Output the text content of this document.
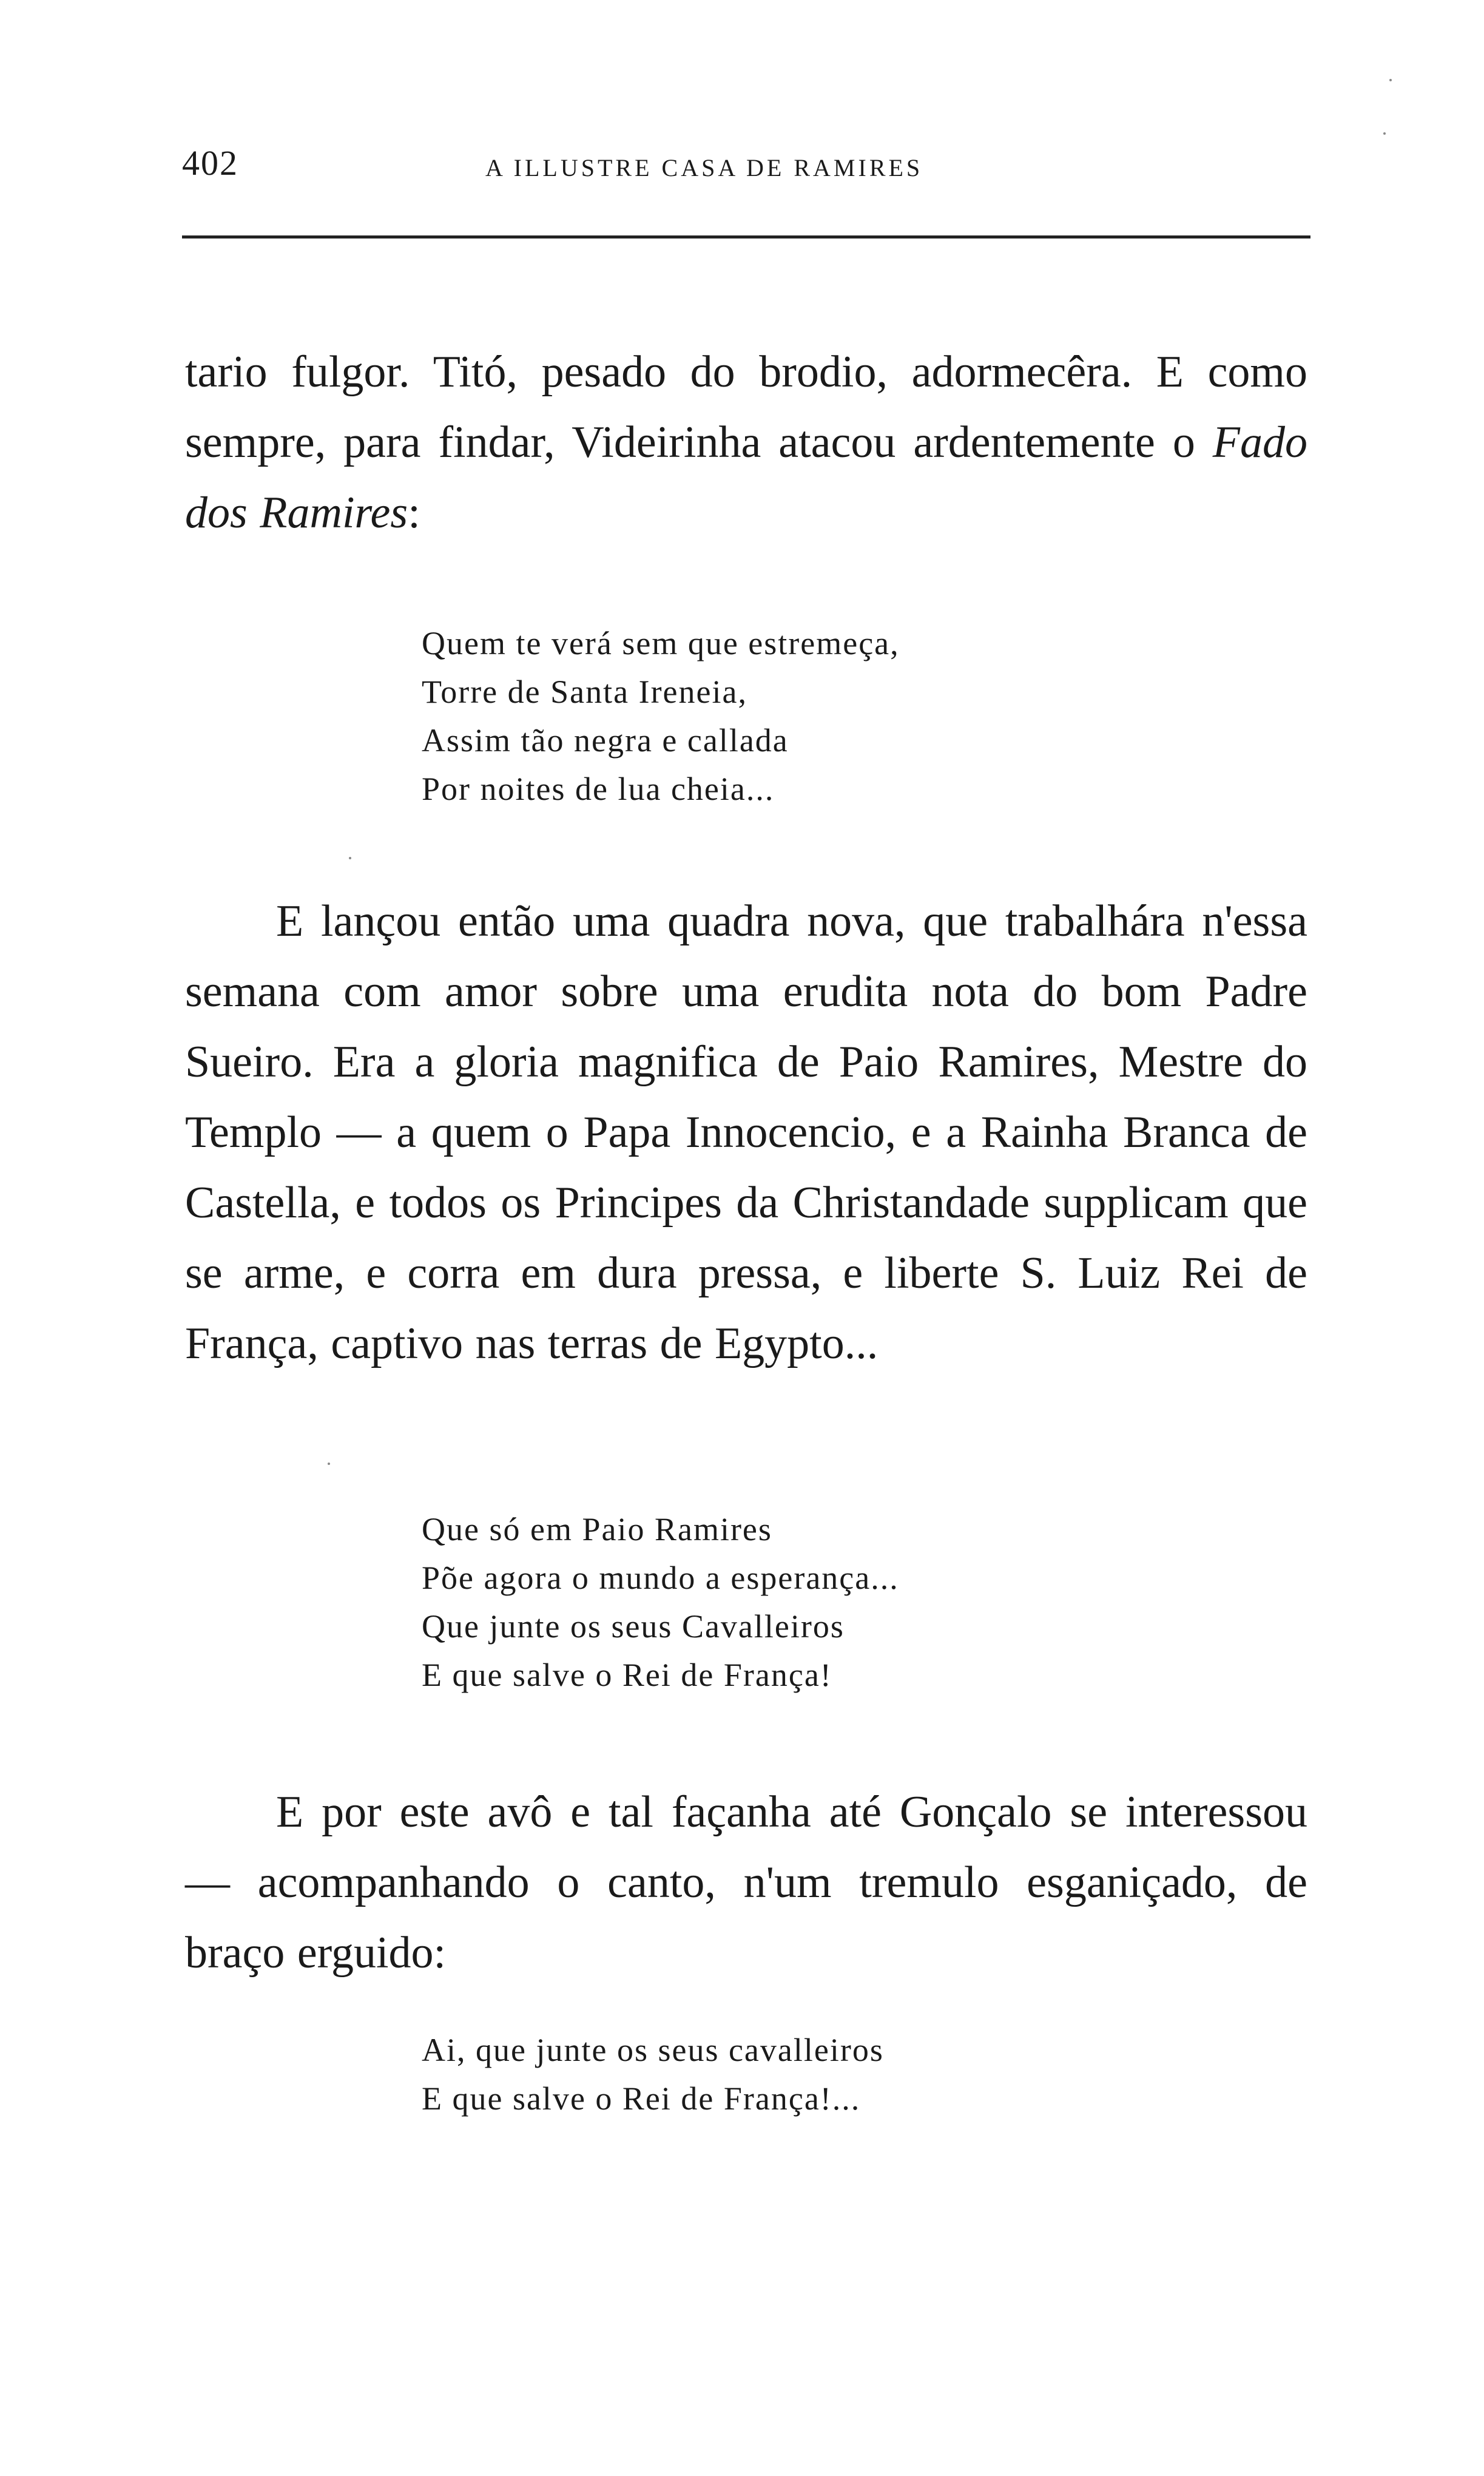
402	A ILLUSTRE CASA DE RAMIRES

tario fulgor. Titó, pesado do brodio, adormecêra. E como sempre, para findar, Videirinha atacou ardentemente o Fado dos Ramires:

Quem te verá sem que estremeça,
Torre de Santa Ireneia,
Assim tão negra e callada
Por noites de lua cheia...

E lançou então uma quadra nova, que trabalhára n'essa semana com amor sobre uma erudita nota do bom Padre Sueiro. Era a gloria magnifica de Paio Ramires, Mestre do Templo — a quem o Papa Innocencio, e a Rainha Branca de Castella, e todos os Principes da Christandade supplicam que se arme, e corra em dura pressa, e liberte S. Luiz Rei de França, captivo nas terras de Egypto...

Que só em Paio Ramires
Põe agora o mundo a esperança...
Que junte os seus Cavalleiros
E que salve o Rei de França!

E por este avô e tal façanha até Gonçalo se interessou — acompanhando o canto, n'um tremulo esganiçado, de braço erguido:

Ai, que junte os seus cavalleiros
E que salve o Rei de França!...
